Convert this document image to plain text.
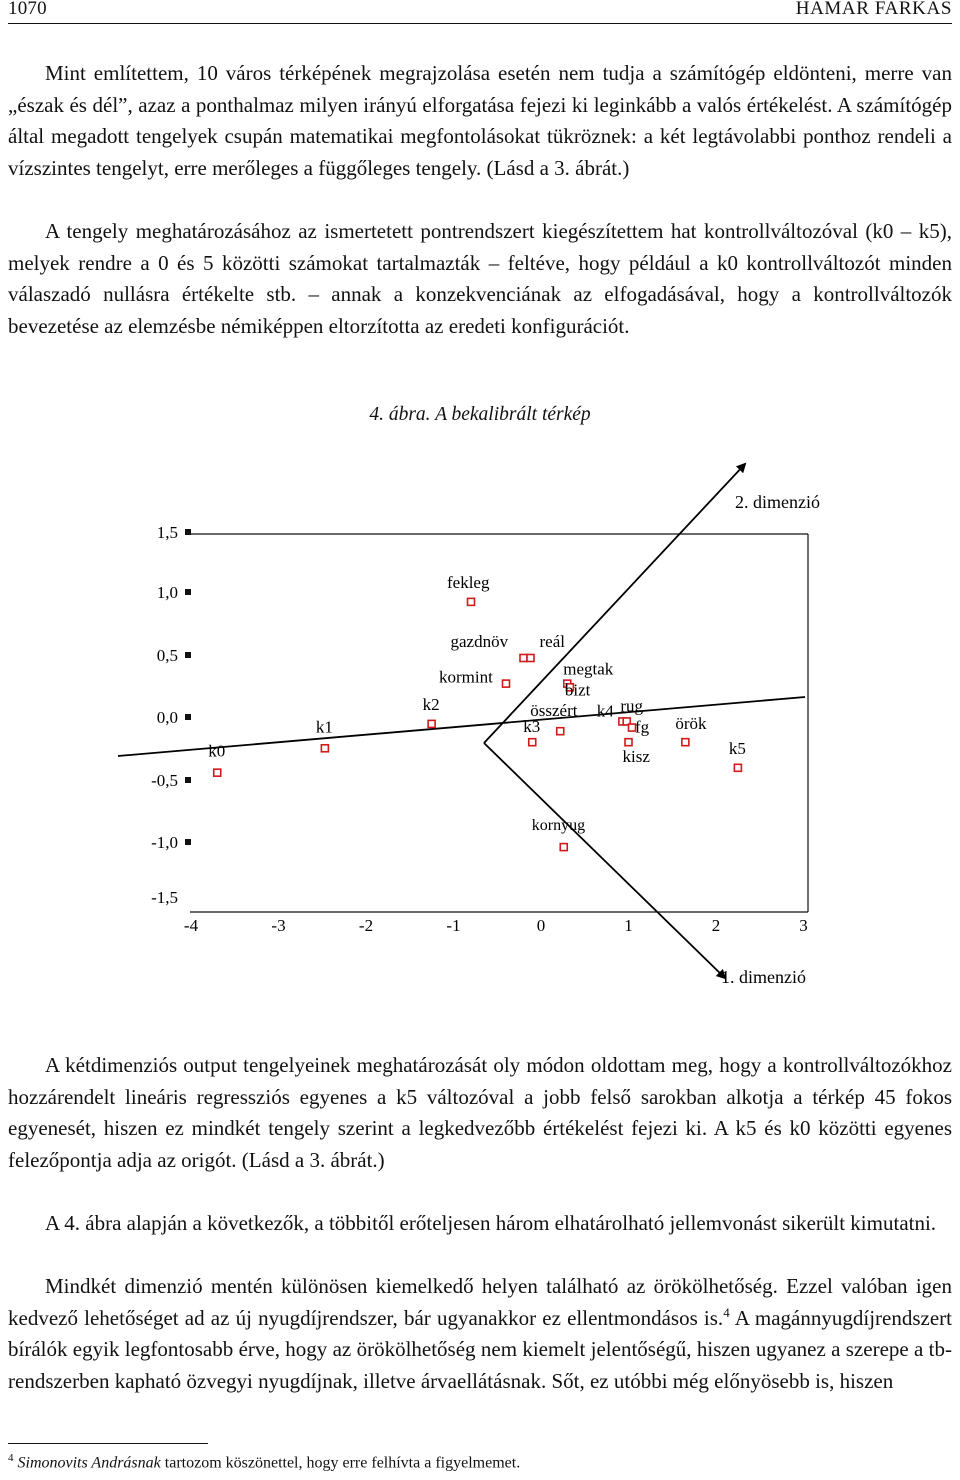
1070	HAMAR FARKAS

Mint említettem, 10 város térképének megrajzolása esetén nem tudja a számítógép eldönteni, merre van „észak és dél”, azaz a ponthalmaz milyen irányú elforgatása fejezi ki leginkább a valós értékelést. A számítógép által megadott tengelyek csupán matematikai megfontolásokat tükröznek: a két legtávolabbi ponthoz rendeli a vízszintes tengelyt, erre merőleges a függőleges tengely. (Lásd a 3. ábrát.)

A tengely meghatározásához az ismertetett pontrendszert kiegészítettem hat kontrollváltozóval (k0 – k5), melyek rendre a 0 és 5 közötti számokat tartalmazták – feltéve, hogy például a k0 kontrollváltozót minden válaszadó nullásra értékelte stb. – annak a konzekvenciának az elfogadásával, hogy a kontrollváltozók bevezetése az elemzésbe némiképpen eltorzította az eredeti konfigurációt.

4. ábra. A bekalibrált térkép
1,5
1,0
0,5
0,0
-0,5
-1,0
-1,5
-4	-3	-2	-1	0	1	2	3
2. dimenzió
1. dimenzió
k0
k1
k2
fekleg
gazdnöv reál
kormint	megtak
bizt
k3
összért	rug
k4
fg
kisz
örök
k5
kornyug

A kétdimenziós output tengelyeinek meghatározását oly módon oldottam meg, hogy a kontrollváltozókhoz hozzárendelt lineáris regressziós egyenes a k5 változóval a jobb felső sarokban alkotja a térkép 45 fokos egyenesét, hiszen ez mindkét tengely szerint a legkedvezőbb értékelést fejezi ki. A k5 és k0 közötti egyenes felezőpontja adja az origót. (Lásd a 3. ábrát.)

A 4. ábra alapján a következők, a többitől erőteljesen három elhatárolható jellemvonást sikerült kimutatni.

Mindkét dimenzió mentén különösen kiemelkedő helyen található az örökölhetőség. Ezzel valóban igen kedvező lehetőséget ad az új nyugdíjrendszer, bár ugyanakkor ez ellentmondásos is.$^4$ A magánnyugdíjrendszert bírálók egyik legfontosabb érve, hogy az örökölhetőség nem kiemelt jelentőségű, hiszen ugyanez a szerepe a tb-rendszerben kapható özvegyi nyugdíjnak, illetve árvaellátásnak. Sőt, ez utóbbi még előnyösebb is, hiszen

$^4$ Simonovits Andrásnak tartozom köszönettel, hogy erre felhívta a figyelmemet.
